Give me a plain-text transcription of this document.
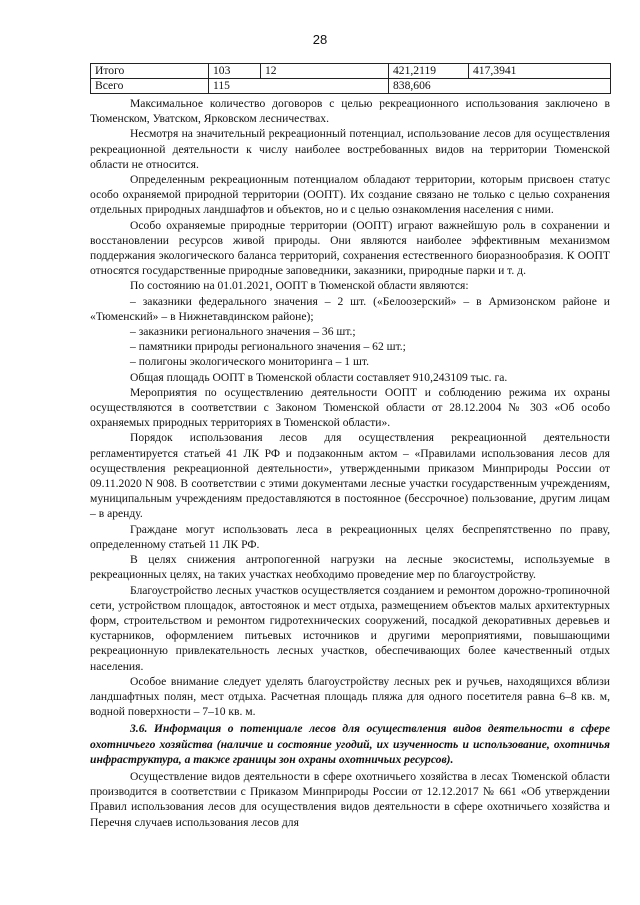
28
Итого	103	12		421,2119	417,3941
Всего	115		838,606	

Максимальное количество договоров с целью рекреационного использования заключено в Тюменском, Уватском, Ярковском лесничествах.

Несмотря на значительный рекреационный потенциал, использование лесов для осуществления рекреационной деятельности к числу наиболее востребованных видов на территории Тюменской области не относится.

Определенным рекреационным потенциалом обладают территории, которым присвоен статус особо охраняемой природной территории (ООПТ). Их создание связано не только с целью сохранения отдельных природных ландшафтов и объектов, но и с целью ознакомления населения с ними.

Особо охраняемые природные территории (ООПТ) играют важнейшую роль в сохранении и восстановлении ресурсов живой природы. Они являются наиболее эффективным механизмом поддержания экологического баланса территорий, сохранения естественного биоразнообразия. К ООПТ относятся государственные природные заповедники, заказники, природные парки и т. д.

По состоянию на 01.01.2021, ООПТ в Тюменской области являются:

– заказники федерального значения – 2 шт. («Белоозерский» – в Армизонском районе и «Тюменский» – в Нижнетавдинском районе);

– заказники регионального значения – 36 шт.;

– памятники природы регионального значения – 62 шт.;

– полигоны экологического мониторинга – 1 шт.

Общая площадь ООПТ в Тюменской области составляет 910,243109 тыс. га.

Мероприятия по осуществлению деятельности ООПТ и соблюдению режима их охраны осуществляются в соответствии с Законом Тюменской области от 28.12.2004 № 303 «Об особо охраняемых природных территориях в Тюменской области».

Порядок использования лесов для осуществления рекреационной деятельности регламентируется статьей 41 ЛК РФ и подзаконным актом – «Правилами использования лесов для осуществления рекреационной деятельности», утвержденными приказом Минприроды России от 09.11.2020 N 908. В соответствии с этими документами лесные участки государственным учреждениям, муниципальным учреждениям предоставляются в постоянное (бессрочное) пользование, другим лицам – в аренду.

Граждане могут использовать леса в рекреационных целях беспрепятственно по праву, определенному статьей 11 ЛК РФ.

В целях снижения антропогенной нагрузки на лесные экосистемы, используемые в рекреационных целях, на таких участках необходимо проведение мер по благоустройству.

Благоустройство лесных участков осуществляется созданием и ремонтом дорожно-тропиночной сети, устройством площадок, автостоянок и мест отдыха, размещением объектов малых архитектурных форм, строительством и ремонтом гидротехнических сооружений, посадкой декоративных деревьев и кустарников, оформлением питьевых источников и другими мероприятиями, повышающими рекреационную привлекательность лесных участков, обеспечивающих более качественный отдых населения.

Особое внимание следует уделять благоустройству лесных рек и ручьев, находящихся вблизи ландшафтных полян, мест отдыха. Расчетная площадь пляжа для одного посетителя равна 6–8 кв. м, водной поверхности – 7–10 кв. м.

3.6. Информация о потенциале лесов для осуществления видов деятельности в сфере охотничьего хозяйства (наличие и состояние угодий, их изученность и использование, охотничья инфраструктура, а также границы зон охраны охотничьих ресурсов).

Осуществление видов деятельности в сфере охотничьего хозяйства в лесах Тюменской области производится в соответствии с Приказом Минприроды России от 12.12.2017 № 661 «Об утверждении Правил использования лесов для осуществления видов деятельности в сфере охотничьего хозяйства и Перечня случаев использования лесов для
